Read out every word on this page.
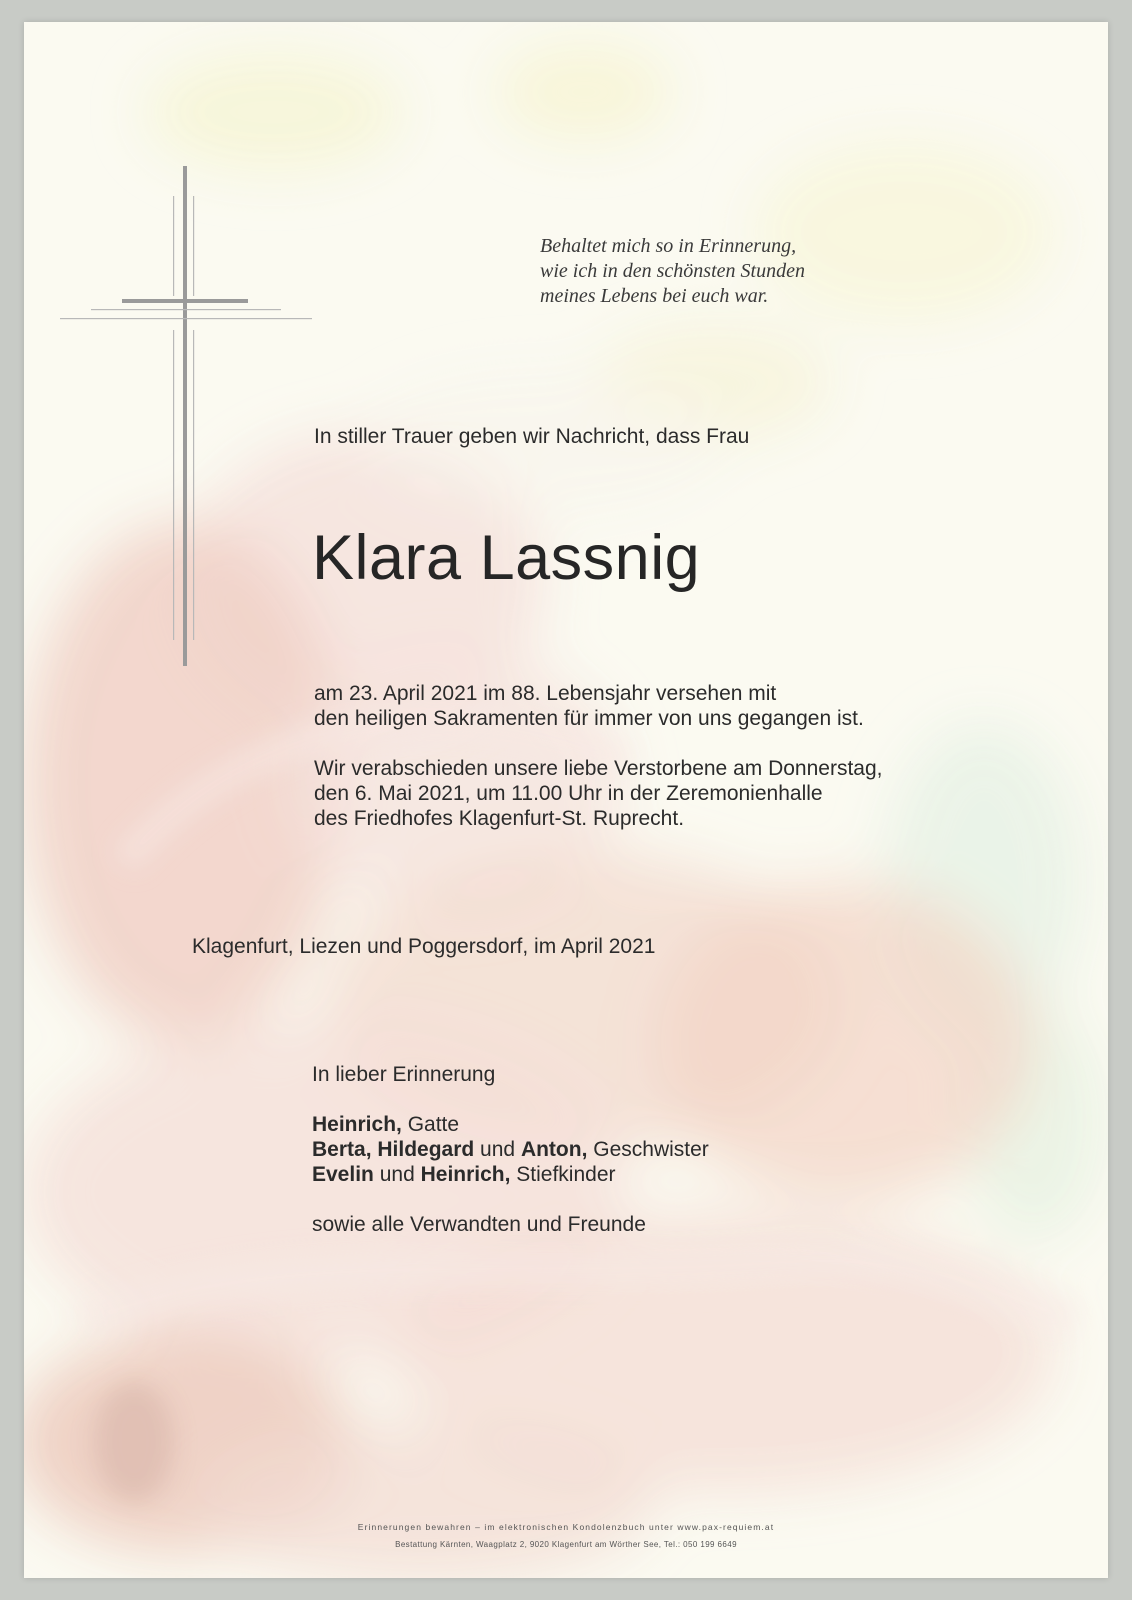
Behaltet mich so in Erinnerung,
wie ich in den schönsten Stunden
meines Lebens bei euch war.
In stiller Trauer geben wir Nachricht, dass Frau
Klara Lassnig
am 23. April 2021 im 88. Lebensjahr versehen mit
den heiligen Sakramenten für immer von uns gegangen ist.
Wir verabschieden unsere liebe Verstorbene am Donnerstag,
den 6. Mai 2021, um 11.00 Uhr in der Zeremonienhalle
des Friedhofes Klagenfurt-St. Ruprecht.
Klagenfurt, Liezen und Poggersdorf, im April 2021
In lieber Erinnerung
Heinrich, Gatte
Berta, Hildegard und Anton, Geschwister
Evelin und Heinrich, Stiefkinder
sowie alle Verwandten und Freunde
Erinnerungen bewahren – im elektronischen Kondolenzbuch unter www.pax-requiem.at
Bestattung Kärnten, Waagplatz 2, 9020 Klagenfurt am Wörther See, Tel.: 050 199 6649
